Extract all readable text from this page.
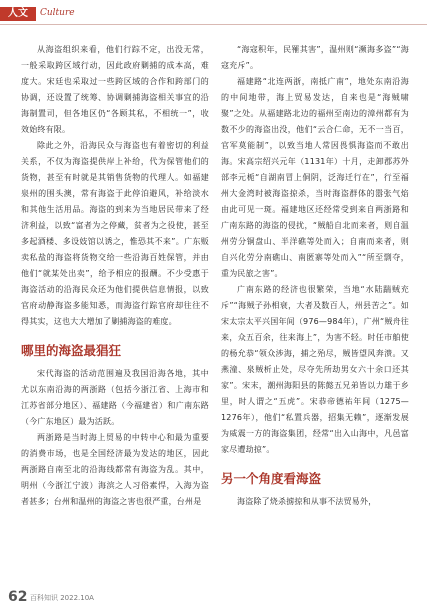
人文	Culture

从海盗组织来看，他们行踪不定，出没无常，一般采取跨区域行动，因此政府剿捕的成本高，难度大。宋廷也采取过一些跨区域的合作和跨部门的协调，还设置了统筹、协调剿捕海盗相关事宜的沿海制置司，但各地区仍“各顾其私，不相统一”，收效始终有限。

除此之外，沿海民众与海盗也有着密切的利益关系，不仅为海盗提供岸上补给，代为保管他们的货物，甚至有时就是其销售货物的代理人。如福建泉州的围头澳，常有海盗于此停泊避风，补给淡水和其他生活用品。海盗的到来为当地居民带来了经济利益，以致“富者为之停藏，贫者为之役使，甚至多起酒楼、多设妓馆以诱之，惟恐其不来”。广东贩卖私盐的海盗将货物交给一些沿海百姓保管，并由他们“就某处出卖”，给予相应的报酬。不少受惠于海盗活动的沿海民众还为他们提供信息情报，以致官府动静海盗多能知悉，而海盗行踪官府却往往不得其实，这也大大增加了剿捕海盗的难度。

哪里的海盗最猖狂

宋代海盗的活动范围遍及我国沿海各地，其中尤以东南沿海的两浙路（包括今浙江省、上海市和江苏省部分地区）、福建路（今福建省）和广南东路（今广东地区）最为活跃。

两浙路是当时海上贸易的中转中心和最为重要的消费市场，也是全国经济最为发达的地区，因此两浙路自南至北的沿海线都常有海盗为乱。其中，明州（今浙江宁波）海滨之人习俗素悍，入海为盗者甚多；台州和温州的海盗之害也很严重，台州是

“海寇积年，民罹其害”，温州则“濒海多盗”“海寇充斥”。

福建路“北连两浙，南抵广南”，地处东南沿海的中间地带，海上贸易发达，自来也是“海贼啸聚”之处。从福建路北边的福州至南边的漳州都有为数不少的海盗出没，他们“云合仁命，无不一当百，官军莫能制”，以致当地人常因畏惧海盗而不敢出海。宋高宗绍兴元年（1131年）十月，走卸郡苏外部李元栀“自湖南冒上侗阴，泛海迁行在”，行至福州大金湾时被海盗掠杀，当时海盗群体的嚣张气焰由此可见一斑。福建地区还经常受到来自两浙路和广南东路的海盗的侵扰，“贼船自北而来者，则自温州劳分铜盘山、半洋礁等处而入；自南而来者，则自兴化劳分南礁山、南匿寨等处而入”“所至剽夺，重为民旅之害”。

广南东路的经济也很繁荣，当地“水陆踹贼充斥”“海贼子孙相衰，大者及数百人，州县苦之”。如宋太宗太平兴国年间（976—984年），广州“贼舟往来，众五百余，往来海上”，为害不轻。时任市舶使的杨允恭“领众涉海，捕之殆尽，贼皆望风奔溃。又燕潼、泉贼析止处，尽夺先所劫男女六十余口还其家”。宋末，潮州海阳县的陈懿五兄弟皆以力雄于乡里，时人谓之“五虎”。宋恭帝德祐年间（1275—1276年），他们“私置兵器，招集无赖”，逐渐发展为威震一方的海盗集团，经常“出入山海中，凡邑富家尽遭劫掠”。

另一个角度看海盗

海盗除了烧杀掳掠和从事不法贸易外，

62 百科知识 2022.10A
